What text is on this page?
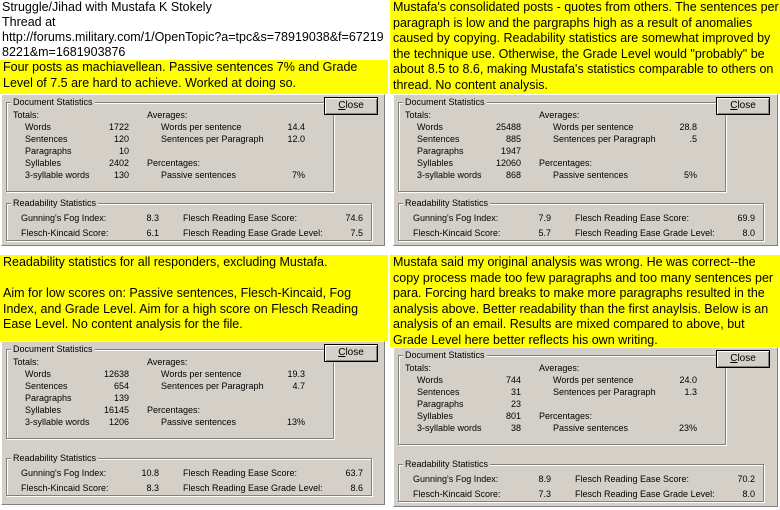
Struggle/Jihad with Mustafa K Stokely
Thread at
http://forums.military.com/1/OpenTopic?a=tpc&s=78919038&f=672198221&m=1681903876
Four posts as machiavellean. Passive sentences 7% and Grade Level of 7.5 are hard to achieve. Worked at doing so.
Document Statistics
Totals:
Words	1722
Sentences	120
Paragraphs	10
Syllables	2402
3-syllable words	130
Averages:
Words per sentence	14.4
Sentences per Paragraph	12.0
Percentages:
Passive sentences	7%
Close
Readability Statistics
Gunning's Fog Index:	8.3
Flesch-Kincaid Score:	6.1
Flesch Reading Ease Score:	74.6
Flesch Reading Ease Grade Level:	7.5
Mustafa's consolidated posts - quotes from others. The sentences per paragraph is low and the pargraphs high as a result of anomalies caused by copying. Readability statistics are somewhat improved by the technique use. Otherwise, the Grade Level would "probably" be about 8.5 to 8.6, making Mustafa's statistics comparable to others on thread. No content analysis.
Document Statistics
Totals:
Words	25488
Sentences	885
Paragraphs	1947
Syllables	12060
3-syllable words	868
Averages:
Words per sentence	28.8
Sentences per Paragraph	.5
Percentages:
Passive sentences	5%
Close
Readability Statistics
Gunning's Fog Index:	7.9
Flesch-Kincaid Score:	5.7
Flesch Reading Ease Score:	69.9
Flesch Reading Ease Grade Level:	8.0
Readability statistics for all responders, excluding Mustafa.

Aim for low scores on: Passive sentences, Flesch-Kincaid, Fog Index, and Grade Level. Aim for a high score on Flesch Reading Ease Level. No content analysis for the file.
Document Statistics
Totals:
Words	12638
Sentences	654
Paragraphs	139
Syllables	16145
3-syllable words	1206
Averages:
Words per sentence	19.3
Sentences per Paragraph	4.7
Percentages:
Passive sentences	13%
Close
Readability Statistics
Gunning's Fog Index:	10.8
Flesch-Kincaid Score:	8.3
Flesch Reading Ease Score:	63.7
Flesch Reading Ease Grade Level:	8.6
Mustafa said my original analysis was wrong. He was correct--the copy process made too few paragraphs and too many sentences per para. Forcing hard breaks to make more paragraphs resulted in the analysis above. Better readability than the first anaylsis. Below is an analysis of an email. Results are mixed compared to above, but Grade Level here better reflects his own writing.
Document Statistics
Totals:
Words	744
Sentences	31
Paragraphs	23
Syllables	801
3-syllable words	38
Averages:
Words per sentence	24.0
Sentences per Paragraph	1.3
Percentages:
Passive sentences	23%
Close
Readability Statistics
Gunning's Fog Index:	8.9
Flesch-Kincaid Score:	7.3
Flesch Reading Ease Score:	70.2
Flesch Reading Ease Grade Level:	8.0
